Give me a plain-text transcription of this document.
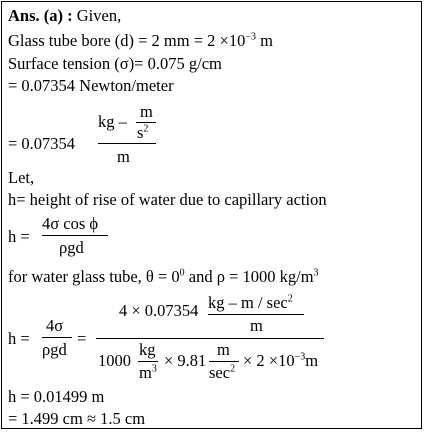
Ans. (a) : Given,
Glass tube bore (d) = 2 mm = $2 \times 10^{-3}$ m
Surface tension (σ)= 0.075 g/cm
= 0.07354 Newton/meter
= 0.07354
kg –
m
$s^2$
m
Let,
h= height of rise of water due to capillary action
h =
4σ cos ϕ
ρgd
for water glass tube, $\theta = 0^0$ and ρ = 1000 $kg/m^3$
h =
4σ
ρgd
=
4 × 0.07354 kg – m / $\sec^2$
m
1000
kg
$m^3 \times 9.81$
m
$\sec^2 \times 2 \times 10^{-3}m$
h = 0.01499 m
= 1.499 cm ≈ 1.5 cm
